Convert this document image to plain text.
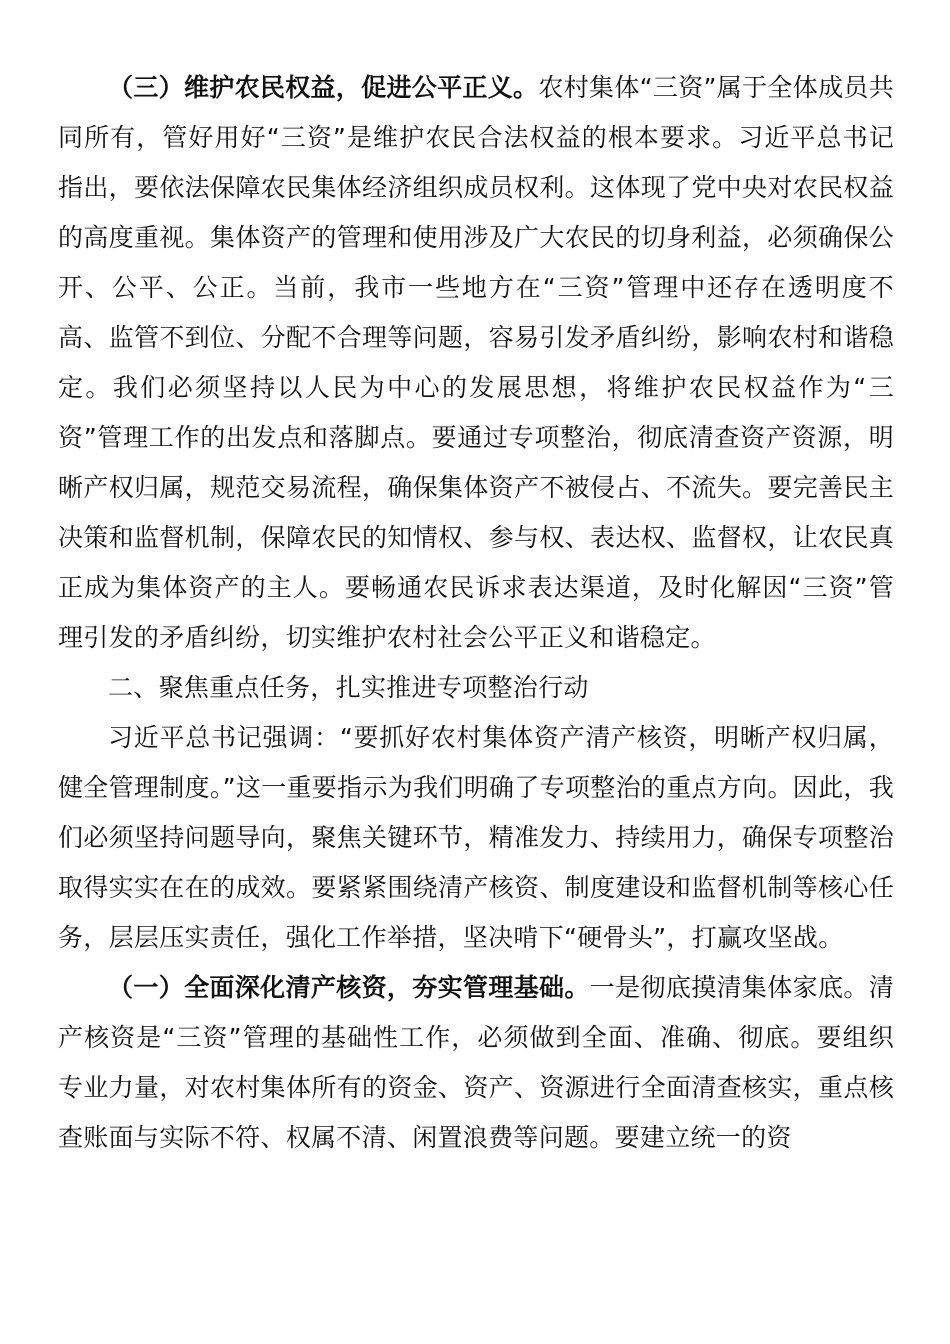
（三）维护农民权益，促进公平正义。农村集体“三资”属于全体成员共同所有，管好用好“三资”是维护农民合法权益的根本要求。习近平总书记指出，要依法保障农民集体经济组织成员权利。这体现了党中央对农民权益的高度重视。集体资产的管理和使用涉及广大农民的切身利益，必须确保公开、公平、公正。当前，我市一些地方在“三资”管理中还存在透明度不高、监管不到位、分配不合理等问题，容易引发矛盾纠纷，影响农村和谐稳定。我们必须坚持以人民为中心的发展思想，将维护农民权益作为“三资”管理工作的出发点和落脚点。要通过专项整治，彻底清查资产资源，明晰产权归属，规范交易流程，确保集体资产不被侵占、不流失。要完善民主决策和监督机制，保障农民的知情权、参与权、表达权、监督权，让农民真正成为集体资产的主人。要畅通农民诉求表达渠道，及时化解因“三资”管理引发的矛盾纠纷，切实维护农村社会公平正义和谐稳定。

二、聚焦重点任务，扎实推进专项整治行动

习近平总书记强调：“要抓好农村集体资产清产核资，明晰产权归属，健全管理制度。”这一重要指示为我们明确了专项整治的重点方向。因此，我们必须坚持问题导向，聚焦关键环节，精准发力、持续用力，确保专项整治取得实实在在的成效。要紧紧围绕清产核资、制度建设和监督机制等核心任务，层层压实责任，强化工作举措，坚决啃下“硬骨头”，打赢攻坚战。

（一）全面深化清产核资，夯实管理基础。一是彻底摸清集体家底。清产核资是“三资”管理的基础性工作，必须做到全面、准确、彻底。要组织专业力量，对农村集体所有的资金、资产、资源进行全面清查核实，重点核查账面与实际不符、权属不清、闲置浪费等问题。要建立统一的资
